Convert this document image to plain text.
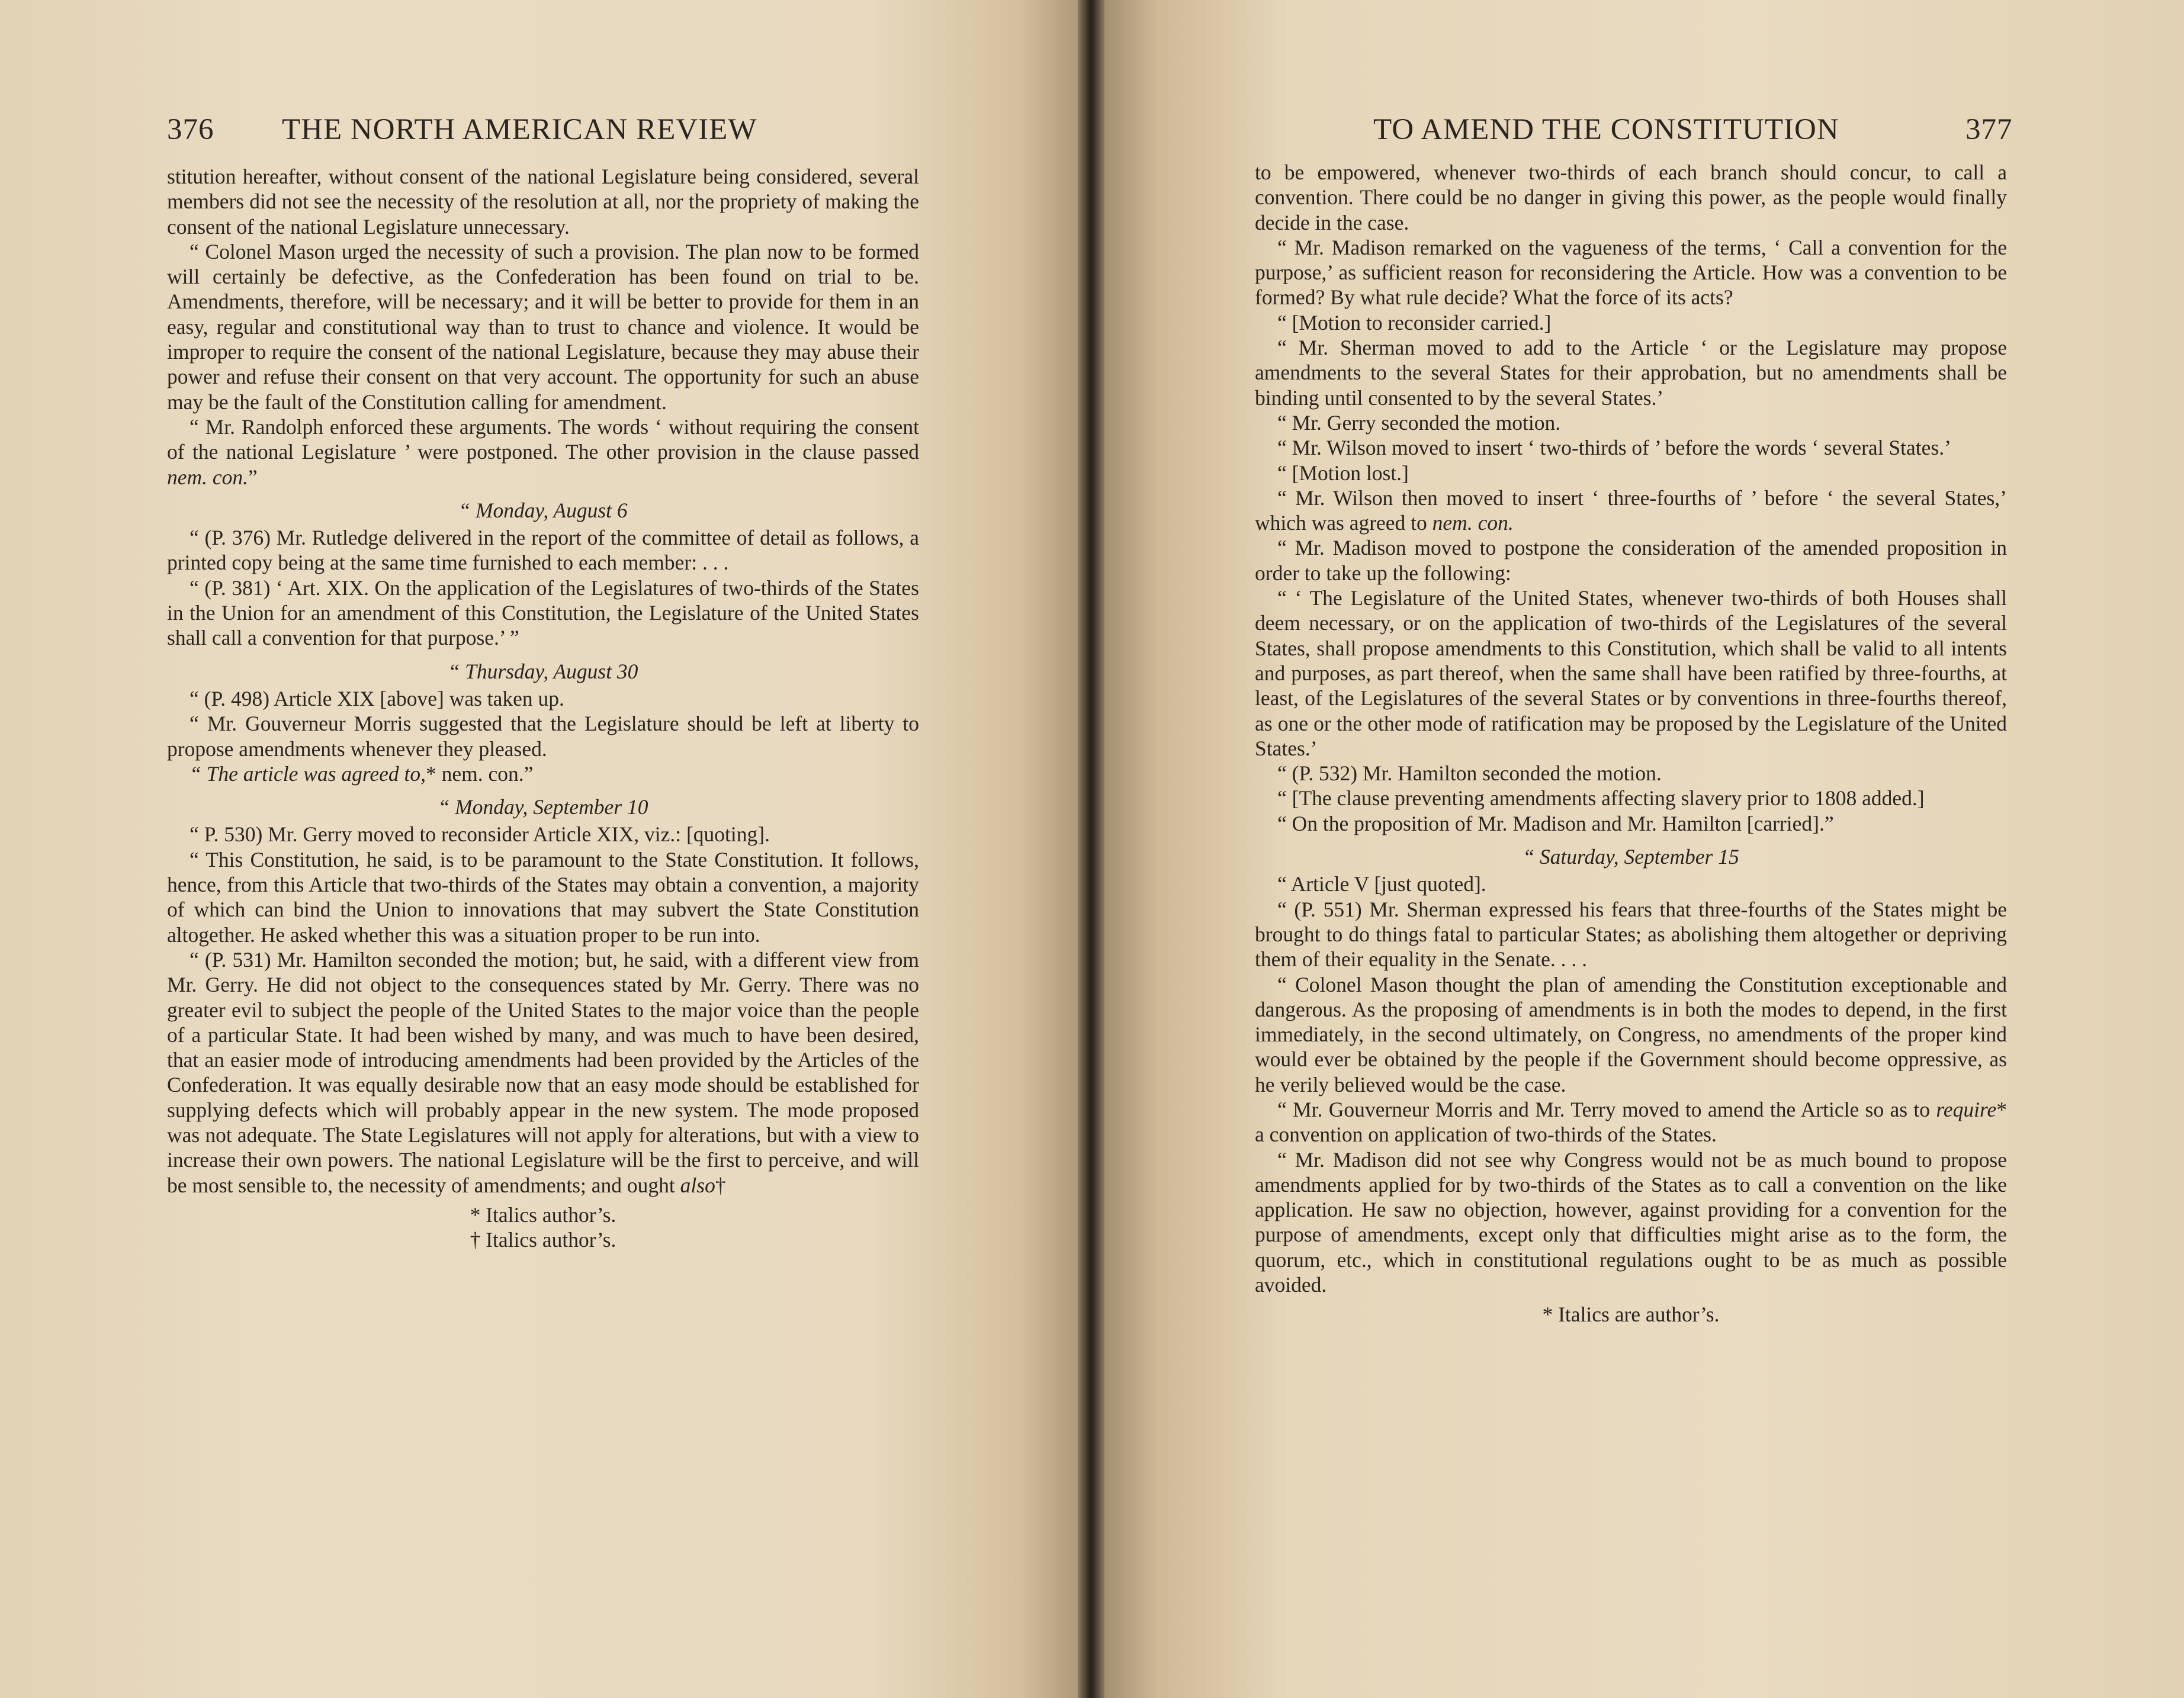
376 THE NORTH AMERICAN REVIEW

stitution hereafter, without consent of the national Legislature being considered, several members did not see the necessity of the resolution at all, nor the propriety of making the consent of the national Legislature unnecessary.

“ Colonel Mason urged the necessity of such a provision. The plan now to be formed will certainly be defective, as the Confederation has been found on trial to be. Amendments, therefore, will be necessary; and it will be better to provide for them in an easy, regular and constitutional way than to trust to chance and violence. It would be improper to require the consent of the national Legislature, because they may abuse their power and refuse their consent on that very account. The opportunity for such an abuse may be the fault of the Constitution calling for amendment.

“ Mr. Randolph enforced these arguments. The words ‘ without requiring the consent of the national Legislature ’ were postponed. The other provision in the clause passed nem. con.”

“ Monday, August 6

“ (P. 376) Mr. Rutledge delivered in the report of the committee of detail as follows, a printed copy being at the same time furnished to each member: . . .

“ (P. 381) ‘ Art. XIX. On the application of the Legislatures of two-thirds of the States in the Union for an amendment of this Constitution, the Legislature of the United States shall call a convention for that purpose.’ ”

“ Thursday, August 30

“ (P. 498) Article XIX [above] was taken up.

“ Mr. Gouverneur Morris suggested that the Legislature should be left at liberty to propose amendments whenever they pleased.

“ The article was agreed to,* nem. con.”

“ Monday, September 10

“ P. 530) Mr. Gerry moved to reconsider Article XIX, viz.: [quoting].

“ This Constitution, he said, is to be paramount to the State Constitution. It follows, hence, from this Article that two-thirds of the States may obtain a convention, a majority of which can bind the Union to innovations that may subvert the State Constitution altogether. He asked whether this was a situation proper to be run into.

“ (P. 531) Mr. Hamilton seconded the motion; but, he said, with a different view from Mr. Gerry. He did not object to the consequences stated by Mr. Gerry. There was no greater evil to subject the people of the United States to the major voice than the people of a particular State. It had been wished by many, and was much to have been desired, that an easier mode of introducing amendments had been provided by the Articles of the Confederation. It was equally desirable now that an easy mode should be established for supplying defects which will probably appear in the new system. The mode proposed was not adequate. The State Legislatures will not apply for alterations, but with a view to increase their own powers. The national Legislature will be the first to perceive, and will be most sensible to, the necessity of amendments; and ought also†

* Italics author’s.
† Italics author’s.
TO AMEND THE CONSTITUTION	377

to be empowered, whenever two-thirds of each branch should concur, to call a convention. There could be no danger in giving this power, as the people would finally decide in the case.

“ Mr. Madison remarked on the vagueness of the terms, ‘ Call a convention for the purpose,’ as sufficient reason for reconsidering the Article. How was a convention to be formed? By what rule decide? What the force of its acts?

“ [Motion to reconsider carried.]

“ Mr. Sherman moved to add to the Article ‘ or the Legislature may propose amendments to the several States for their approbation, but no amendments shall be binding until consented to by the several States.’

“ Mr. Gerry seconded the motion.

“ Mr. Wilson moved to insert ‘ two-thirds of ’ before the words ‘ several States.’

“ [Motion lost.]

“ Mr. Wilson then moved to insert ‘ three-fourths of ’ before ‘ the several States,’ which was agreed to nem. con.

“ Mr. Madison moved to postpone the consideration of the amended proposition in order to take up the following:

“ ‘ The Legislature of the United States, whenever two-thirds of both Houses shall deem necessary, or on the application of two-thirds of the Legislatures of the several States, shall propose amendments to this Constitution, which shall be valid to all intents and purposes, as part thereof, when the same shall have been ratified by three-fourths, at least, of the Legislatures of the several States or by conventions in three-fourths thereof, as one or the other mode of ratification may be proposed by the Legislature of the United States.’

“ (P. 532) Mr. Hamilton seconded the motion.

“ [The clause preventing amendments affecting slavery prior to 1808 added.]

“ On the proposition of Mr. Madison and Mr. Hamilton [carried].”

“ Saturday, September 15

“ Article V [just quoted].

“ (P. 551) Mr. Sherman expressed his fears that three-fourths of the States might be brought to do things fatal to particular States; as abolishing them altogether or depriving them of their equality in the Senate. . . .

“ Colonel Mason thought the plan of amending the Constitution exceptionable and dangerous. As the proposing of amendments is in both the modes to depend, in the first immediately, in the second ultimately, on Congress, no amendments of the proper kind would ever be obtained by the people if the Government should become oppressive, as he verily believed would be the case.

“ Mr. Gouverneur Morris and Mr. Terry moved to amend the Article so as to require* a convention on application of two-thirds of the States.

“ Mr. Madison did not see why Congress would not be as much bound to propose amendments applied for by two-thirds of the States as to call a convention on the like application. He saw no objection, however, against providing for a convention for the purpose of amendments, except only that difficulties might arise as to the form, the quorum, etc., which in constitutional regulations ought to be as much as possible avoided.

* Italics are author’s.
